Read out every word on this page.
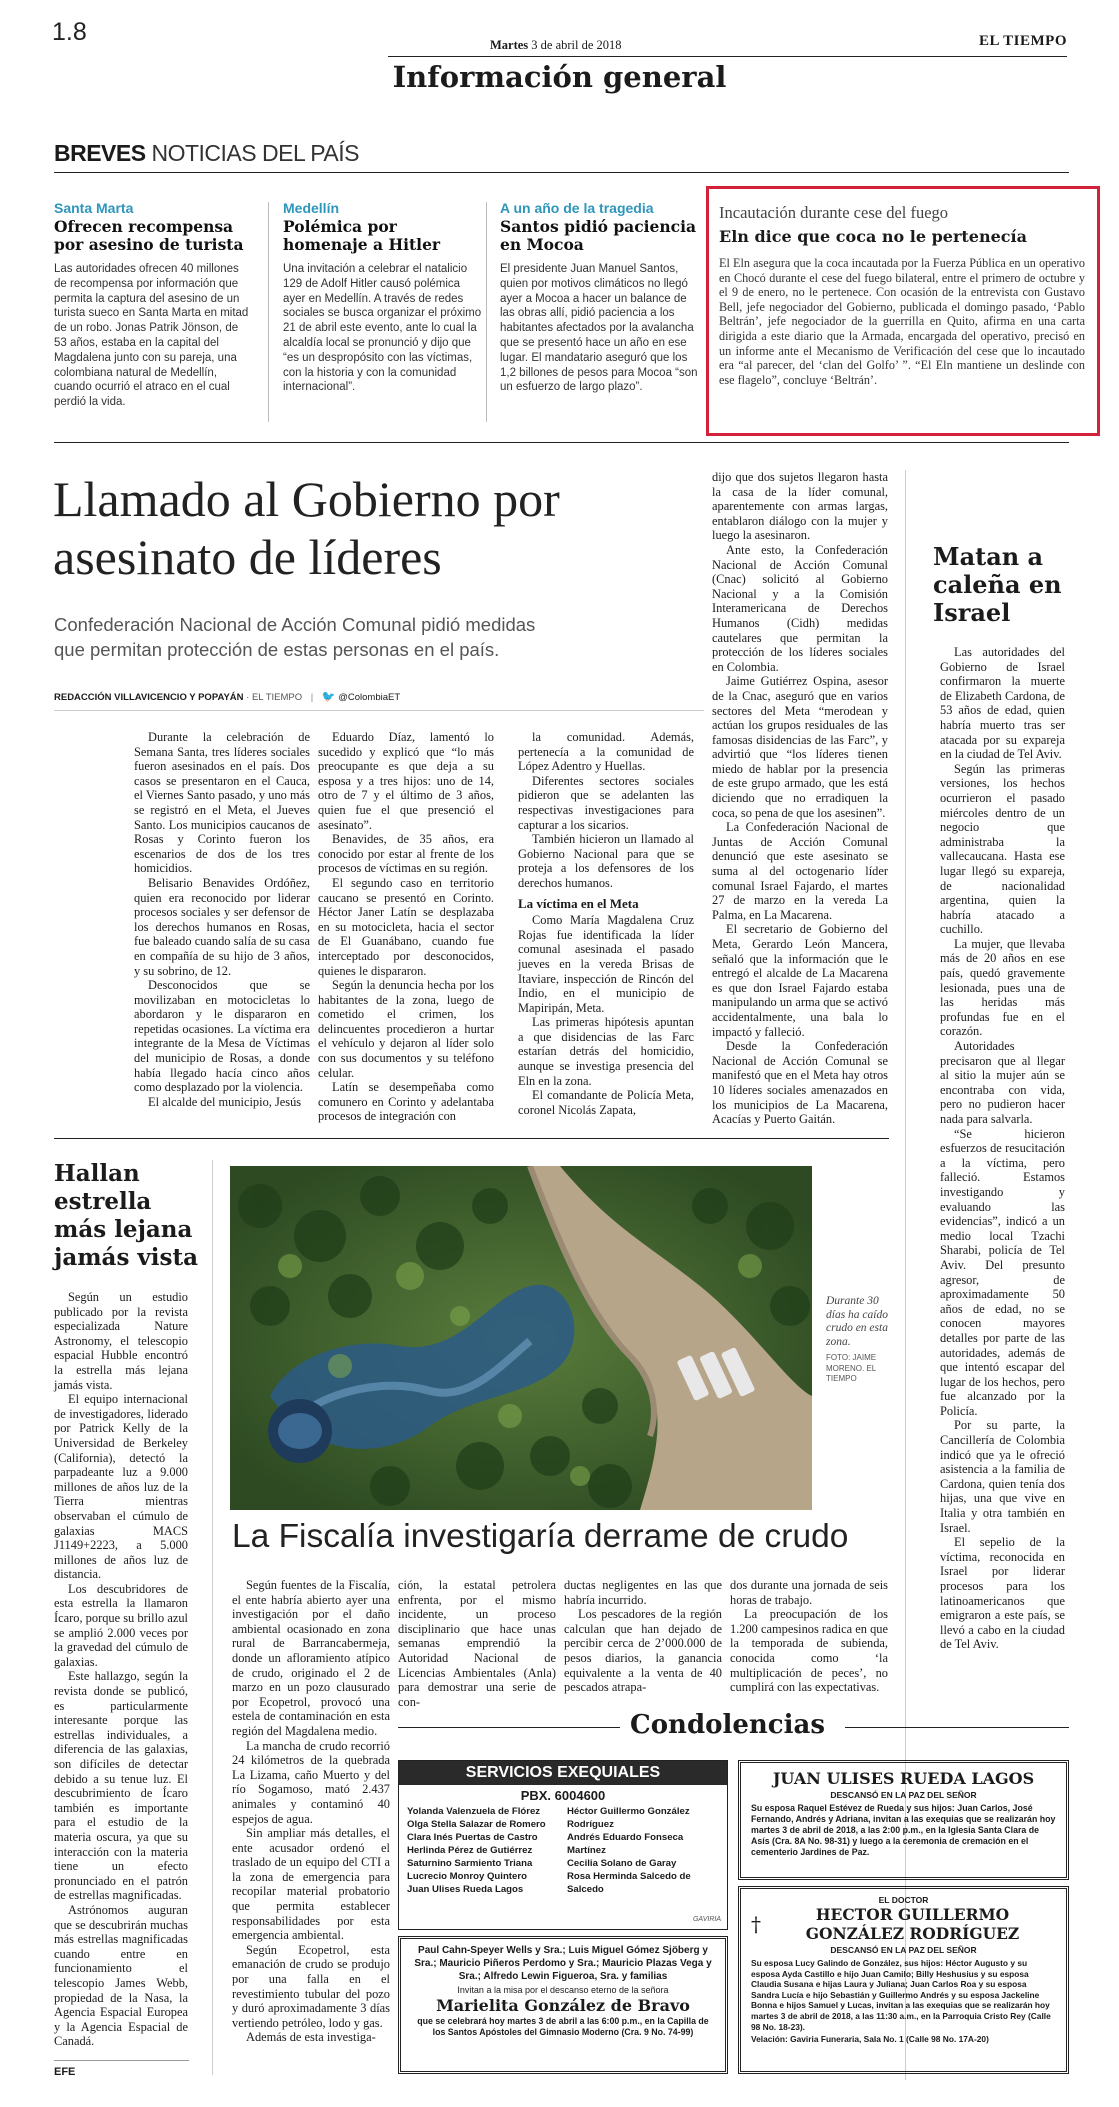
1.8	Martes 3 de abril de 2018	EL TIEMPO
Información general
BREVES NOTICIAS DEL PAÍS
Santa Marta
Ofrecen recompensa por asesino de turista

Las autoridades ofrecen 40 millones de recompensa por información que permita la captura del asesino de un turista sueco en Santa Marta en mitad de un robo. Jonas Patrik Jönson, de 53 años, estaba en la capital del Magdalena junto con su pareja, una colombiana natural de Medellín, cuando ocurrió el atraco en el cual perdió la vida.

Medellín
Polémica por homenaje a Hitler

Una invitación a celebrar el natalicio 129 de Adolf Hitler causó polémica ayer en Medellín. A través de redes sociales se busca organizar el próximo 21 de abril este evento, ante lo cual la alcaldía local se pronunció y dijo que “es un despropósito con las víctimas, con la historia y con la comunidad internacional”.

A un año de la tragedia
Santos pidió paciencia en Mocoa

El presidente Juan Manuel Santos, quien por motivos climáticos no llegó ayer a Mocoa a hacer un balance de las obras allí, pidió paciencia a los habitantes afectados por la avalancha que se presentó hace un año en ese lugar. El mandatario aseguró que los 1,2 billones de pesos para Mocoa “son un esfuerzo de largo plazo”.

Incautación durante cese del fuego
Eln dice que coca no le pertenecía

El Eln asegura que la coca incautada por la Fuerza Pública en un operativo en Chocó durante el cese del fuego bilateral, entre el primero de octubre y el 9 de enero, no le pertenece. Con ocasión de la entrevista con Gustavo Bell, jefe negociador del Gobierno, publicada el domingo pasado, ‘Pablo Beltrán’, jefe negociador de la guerrilla en Quito, afirma en una carta dirigida a este diario que la Armada, encargada del operativo, precisó en un informe ante el Mecanismo de Verificación del cese que lo incautado era “al parecer, del ‘clan del Golfo’ ”. “El Eln mantiene un deslinde con ese flagelo”, concluye ‘Beltrán’.

Llamado al Gobierno por asesinato de líderes
Confederación Nacional de Acción Comunal pidió medidas que permitan protección de estas personas en el país.
REDACCIÓN VILLAVICENCIO Y POPAYÁN · EL TIEMPO | 🐦 @ColombiaET

Durante la celebración de Semana Santa, tres líderes sociales fueron asesinados en el país. Dos casos se presentaron en el Cauca, el Viernes Santo pasado, y uno más se registró en el Meta, el Jueves Santo. Los municipios caucanos de Rosas y Corinto fueron los escenarios de dos de los tres homicidios.

Belisario Benavides Ordóñez, quien era reconocido por liderar procesos sociales y ser defensor de los derechos humanos en Rosas, fue baleado cuando salía de su casa en compañía de su hijo de 3 años, y su sobrino, de 12.

Desconocidos que se movilizaban en motocicletas lo abordaron y le dispararon en repetidas ocasiones. La víctima era integrante de la Mesa de Víctimas del municipio de Rosas, a donde había llegado hacía cinco años como desplazado por la violencia.

El alcalde del municipio, Jesús

Eduardo Díaz, lamentó lo sucedido y explicó que “lo más preocupante es que deja a su esposa y a tres hijos: uno de 14, otro de 7 y el último de 3 años, quien fue el que presenció el asesinato”.

Benavides, de 35 años, era conocido por estar al frente de los procesos de víctimas en su región.

El segundo caso en territorio caucano se presentó en Corinto. Héctor Janer Latín se desplazaba en su motocicleta, hacia el sector de El Guanábano, cuando fue interceptado por desconocidos, quienes le dispararon.

Según la denuncia hecha por los habitantes de la zona, luego de cometido el crimen, los delincuentes procedieron a hurtar el vehículo y dejaron al líder solo con sus documentos y su teléfono celular.

Latín se desempeñaba como comunero en Corinto y adelantaba procesos de integración con

la comunidad. Además, pertenecía a la comunidad de López Adentro y Huellas.

Diferentes sectores sociales pidieron que se adelanten las respectivas investigaciones para capturar a los sicarios.

También hicieron un llamado al Gobierno Nacional para que se proteja a los defensores de los derechos humanos.

La víctima en el Meta

Como María Magdalena Cruz Rojas fue identificada la líder comunal asesinada el pasado jueves en la vereda Brisas de Itaviare, inspección de Rincón del Indio, en el municipio de Mapiripán, Meta.

Las primeras hipótesis apuntan a que disidencias de las Farc estarían detrás del homicidio, aunque se investiga presencia del Eln en la zona.

El comandante de Policía Meta, coronel Nicolás Zapata,

dijo que dos sujetos llegaron hasta la casa de la líder comunal, aparentemente con armas largas, entablaron diálogo con la mujer y luego la asesinaron.

Ante esto, la Confederación Nacional de Acción Comunal (Cnac) solicitó al Gobierno Nacional y a la Comisión Interamericana de Derechos Humanos (Cidh) medidas cautelares que permitan la protección de los líderes sociales en Colombia.

Jaime Gutiérrez Ospina, asesor de la Cnac, aseguró que en varios sectores del Meta “merodean y actúan los grupos residuales de las famosas disidencias de las Farc”, y advirtió que “los líderes tienen miedo de hablar por la presencia de este grupo armado, que les está diciendo que no erradiquen la coca, so pena de que los asesinen”.

La Confederación Nacional de Juntas de Acción Comunal denunció que este asesinato se suma al del octogenario líder comunal Israel Fajardo, el martes 27 de marzo en la vereda La Palma, en La Macarena.

El secretario de Gobierno del Meta, Gerardo León Mancera, señaló que la información que le entregó el alcalde de La Macarena es que don Israel Fajardo estaba manipulando un arma que se activó accidentalmente, una bala lo impactó y falleció.

Desde la Confederación Nacional de Acción Comunal se manifestó que en el Meta hay otros 10 líderes sociales amenazados en los municipios de La Macarena, Acacías y Puerto Gaitán.

Matan a caleña en Israel

Las autoridades del Gobierno de Israel confirmaron la muerte de Elizabeth Cardona, de 53 años de edad, quien habría muerto tras ser atacada por su expareja en la ciudad de Tel Aviv.

Según las primeras versiones, los hechos ocurrieron el pasado miércoles dentro de un negocio que administraba la vallecaucana. Hasta ese lugar llegó su expareja, de nacionalidad argentina, quien la habría atacado a cuchillo.

La mujer, que llevaba más de 20 años en ese país, quedó gravemente lesionada, pues una de las heridas más profundas fue en el corazón.

Autoridades precisaron que al llegar al sitio la mujer aún se encontraba con vida, pero no pudieron hacer nada para salvarla.

“Se hicieron esfuerzos de resucitación a la víctima, pero falleció. Estamos investigando y evaluando las evidencias”, indicó a un medio local Tzachi Sharabi, policía de Tel Aviv. Del presunto agresor, de aproximadamente 50 años de edad, no se conocen mayores detalles por parte de las autoridades, además de que intentó escapar del lugar de los hechos, pero fue alcanzado por la Policía.

Por su parte, la Cancillería de Colombia indicó que ya le ofreció asistencia a la familia de Cardona, quien tenía dos hijas, una que vive en Italia y otra también en Israel.

El sepelio de la víctima, reconocida en Israel por liderar procesos para los latinoamericanos que emigraron a este país, se llevó a cabo en la ciudad de Tel Aviv.

Hallan estrella más lejana jamás vista

Según un estudio publicado por la revista especializada Nature Astronomy, el telescopio espacial Hubble encontró la estrella más lejana jamás vista.

El equipo internacional de investigadores, liderado por Patrick Kelly de la Universidad de Berkeley (California), detectó la parpadeante luz a 9.000 millones de años luz de la Tierra mientras observaban el cúmulo de galaxias MACS J1149+2223, a 5.000 millones de años luz de distancia.

Los descubridores de esta estrella la llamaron Ícaro, porque su brillo azul se amplió 2.000 veces por la gravedad del cúmulo de galaxias.

Este hallazgo, según la revista donde se publicó, es particularmente interesante porque las estrellas individuales, a diferencia de las galaxias, son difíciles de detectar debido a su tenue luz. El descubrimiento de Ícaro también es importante para el estudio de la materia oscura, ya que su interacción con la materia tiene un efecto pronunciado en el patrón de estrellas magnificadas.

Astrónomos auguran que se descubrirán muchas más estrellas magnificadas cuando entre en funcionamiento el telescopio James Webb, propiedad de la Nasa, la Agencia Espacial Europea y la Agencia Espacial de Canadá.

EFE
Durante 30 días ha caído crudo en esta zona.
FOTO: JAIME MORENO. EL TIEMPO
La Fiscalía investigaría derrame de crudo

Según fuentes de la Fiscalía, el ente habría abierto ayer una investigación por el daño ambiental ocasionado en zona rural de Barrancabermeja, donde un afloramiento atípico de crudo, originado el 2 de marzo en un pozo clausurado por Ecopetrol, provocó una estela de contaminación en esta región del Magdalena medio.

La mancha de crudo recorrió 24 kilómetros de la quebrada La Lizama, caño Muerto y del río Sogamoso, mató 2.437 animales y contaminó 40 espejos de agua.

Sin ampliar más detalles, el ente acusador ordenó el traslado de un equipo del CTI a la zona de emergencia para recopilar material probatorio que permita establecer responsabilidades por esta emergencia ambiental.

Según Ecopetrol, esta emanación de crudo se produjo por una falla en el revestimiento tubular del pozo y duró aproximadamente 3 días vertiendo petróleo, lodo y gas.

Además de esta investiga-

ción, la estatal petrolera enfrenta, por el mismo incidente, un proceso disciplinario que hace unas semanas emprendió la Autoridad Nacional de Licencias Ambientales (Anla) para demostrar una serie de con-

ductas negligentes en las que habría incurrido.

Los pescadores de la región calculan que han dejado de percibir cerca de 2’000.000 de pesos diarios, la ganancia equivalente a la venta de 40 pescados atrapa-

dos durante una jornada de seis horas de trabajo.

La preocupación de los 1.200 campesinos radica en que la temporada de subienda, conocida como ‘la multiplicación de peces’, no cumplirá con las expectativas.

Condolencias
SERVICIOS EXEQUIALES
PBX. 6004600
Yolanda Valenzuela de Flórez
Olga Stella Salazar de Romero
Clara Inés Puertas de Castro
Herlinda Pérez de Gutiérrez
Saturnino Sarmiento Triana
Lucrecio Monroy Quintero
Juan Ulises Rueda Lagos
Héctor Guillermo González Rodríguez
Andrés Eduardo Fonseca Martínez
Cecilia Solano de Garay
Rosa Herminda Salcedo de Salcedo
GAVIRIA
Paul Cahn-Speyer Wells y Sra.; Luis Miguel Gómez Sjöberg y Sra.; Mauricio Piñeros Perdomo y Sra.; Mauricio Plazas Vega y Sra.; Alfredo Lewin Figueroa, Sra. y familias
Invitan a la misa por el descanso eterno de la señora
Marielita González de Bravo
que se celebrará hoy martes 3 de abril a las 6:00 p.m., en la Capilla de los Santos Apóstoles del Gimnasio Moderno (Cra. 9 No. 74-99)
JUAN ULISES RUEDA LAGOS
DESCANSÓ EN LA PAZ DEL SEÑOR
Su esposa Raquel Estévez de Rueda y sus hijos: Juan Carlos, José Fernando, Andrés y Adriana, invitan a las exequias que se realizarán hoy martes 3 de abril de 2018, a las 2:00 p.m., en la Iglesia Santa Clara de Asís (Cra. 8A No. 98-31) y luego a la ceremonia de cremación en el cementerio Jardines de Paz.
EL DOCTOR
†	HECTOR GUILLERMO GONZÁLEZ RODRÍGUEZ
DESCANSÓ EN LA PAZ DEL SEÑOR
Su esposa Lucy Galindo de González, sus hijos: Héctor Augusto y su esposa Ayda Castillo e hijo Juan Camilo; Billy Heshusius y su esposa Claudia Susana e hijas Laura y Juliana; Juan Carlos Roa y su esposa Sandra Lucía e hijo Sebastián y Guillermo Andrés y su esposa Jackeline Bonna e hijos Samuel y Lucas, invitan a las exequias que se realizarán hoy martes 3 de abril de 2018, a las 11:30 a.m., en la Parroquia Cristo Rey (Calle 98 No. 18-23).
Velación: Gaviria Funeraria, Sala No. 1 (Calle 98 No. 17A-20)
